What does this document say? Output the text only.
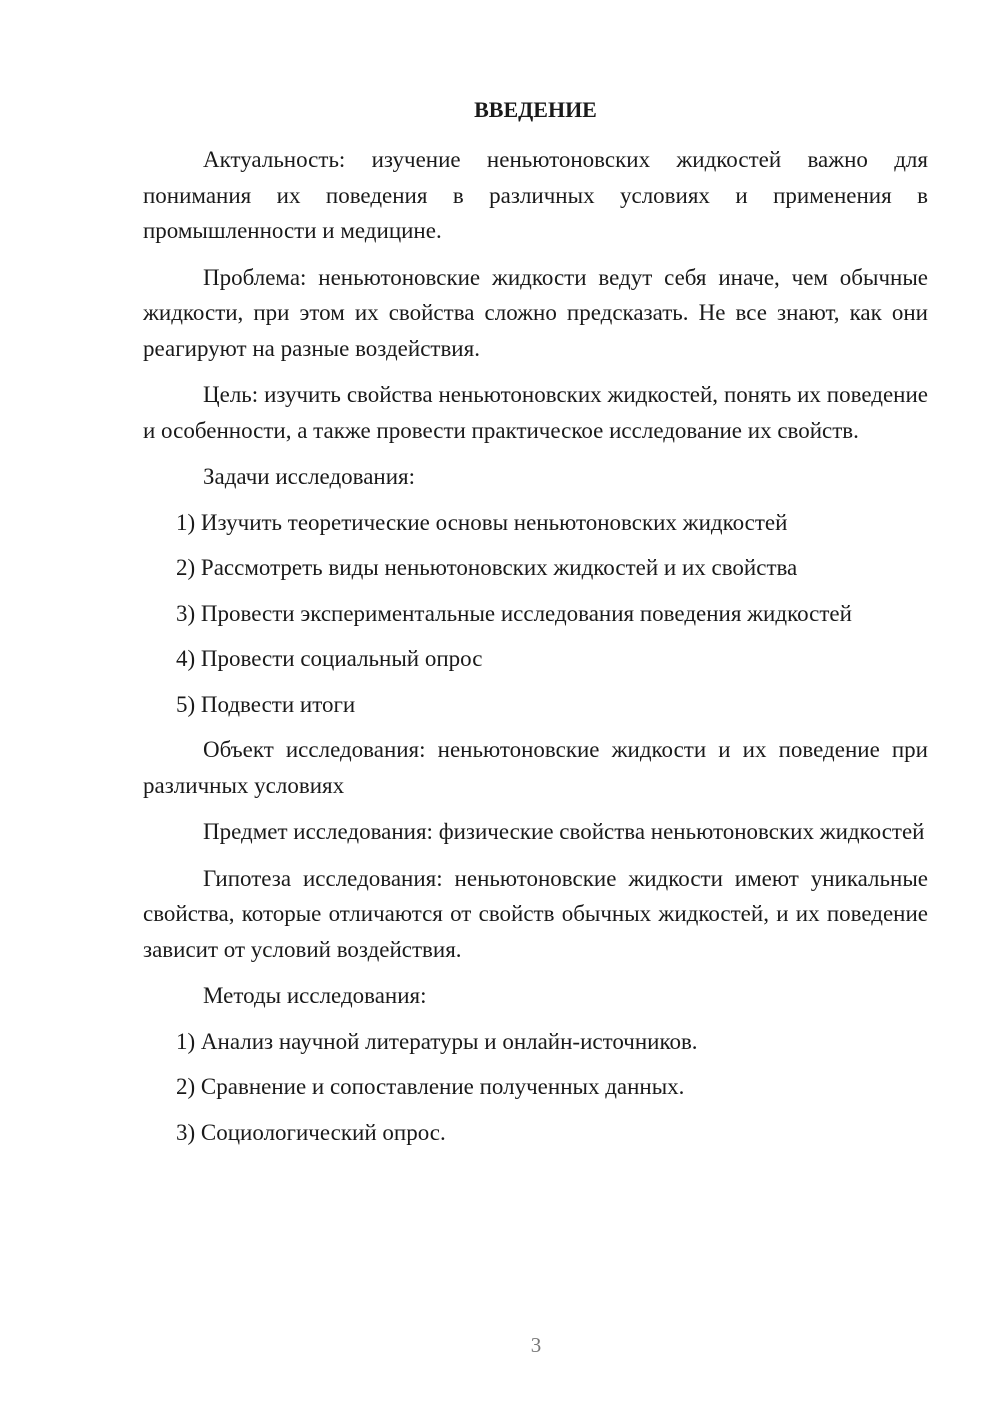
ВВЕДЕНИЕ

Актуальность: изучение неньютоновских жидкостей важно для понимания их поведения в различных условиях и применения в промышленности и медицине.

Проблема: неньютоновские жидкости ведут себя иначе, чем обычные жидкости, при этом их свойства сложно предсказать. Не все знают, как они реагируют на разные воздействия.

Цель: изучить свойства неньютоновских жидкостей, понять их поведение и особенности, а также провести практическое исследование их свойств.

Задачи исследования:

1) Изучить теоретические основы неньютоновских жидкостей
2) Рассмотреть виды неньютоновских жидкостей и их свойства
3) Провести экспериментальные исследования поведения жидкостей
4) Провести социальный опрос
5) Подвести итоги

Объект исследования: неньютоновские жидкости и их поведение при различных условиях

Предмет исследования: физические свойства неньютоновских жидкостей

Гипотеза исследования: неньютоновские жидкости имеют уникальные свойства, которые отличаются от свойств обычных жидкостей, и их поведение зависит от условий воздействия.

Методы исследования:

1) Анализ научной литературы и онлайн-источников.
2) Сравнение и сопоставление полученных данных.
3) Социологический опрос.
3
